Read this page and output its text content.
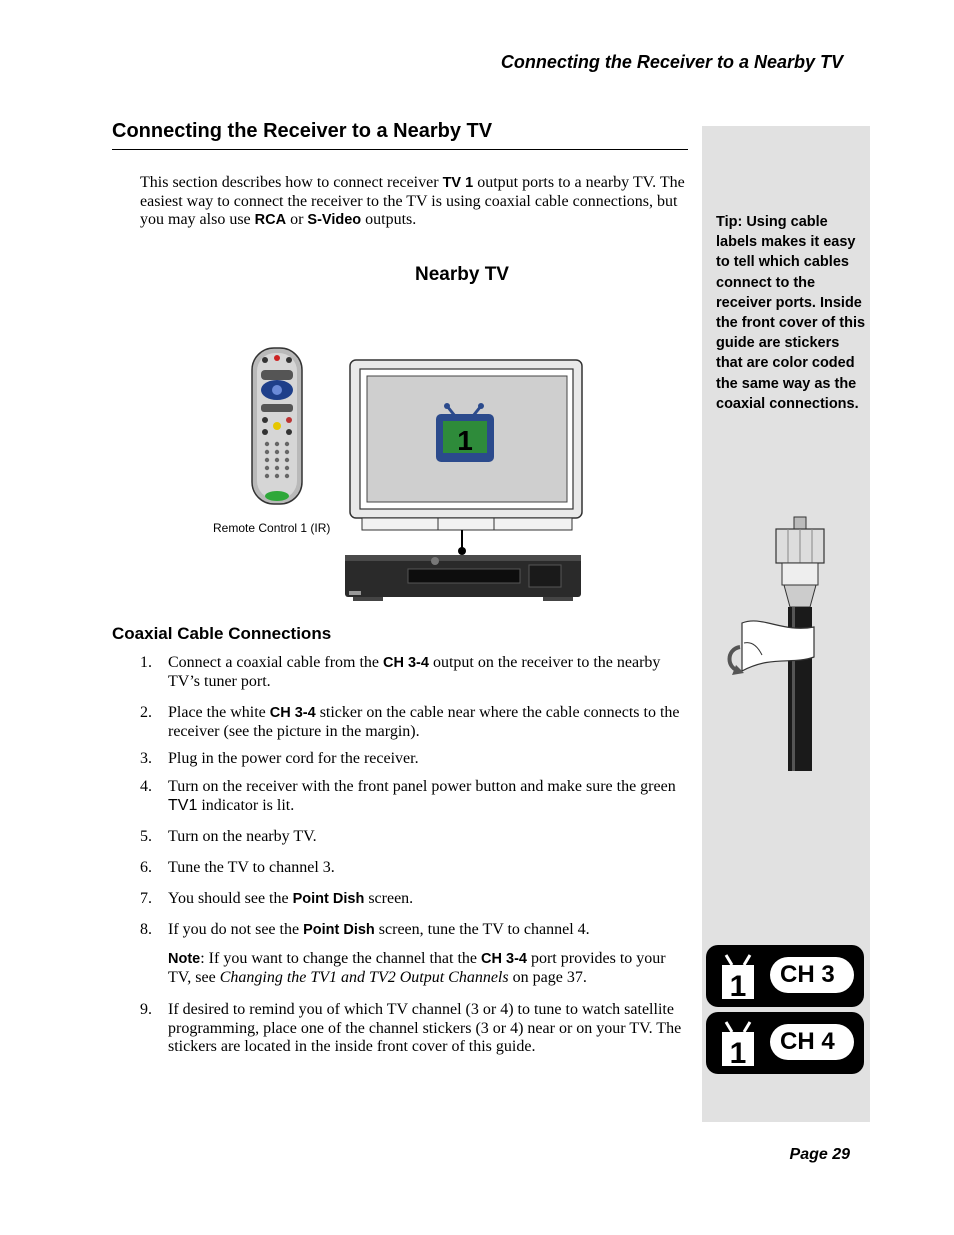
Connecting the Receiver to a Nearby TV
Connecting the Receiver to a Nearby TV
This section describes how to connect receiver TV 1 output ports to a nearby TV. The easiest way to connect the receiver to the TV is using coaxial cable connections, but you may also use RCA or S-Video outputs.
Nearby TV
1
Remote Control 1 (IR)
Coaxial Cable Connections
1.	Connect a coaxial cable from the CH 3-4 output on the receiver to the nearby TV’s tuner port.
2.	Place the white CH 3-4 sticker on the cable near where the cable connects to the receiver (see the picture in the margin).
3.	Plug in the power cord for the receiver.
4.	Turn on the receiver with the front panel power button and make sure the green TV1 indicator is lit.
5.	Turn on the nearby TV.
6.	Tune the TV to channel 3.
7.	You should see the Point Dish screen.
8.	If you do not see the Point Dish screen, tune the TV to channel 4.
9.	If desired to remind you of which TV channel (3 or 4) to tune to watch satellite programming, place one of the channel stickers (3 or 4) near or on your TV. The stickers are located in the inside front cover of this guide.
Note: If you want to change the channel that the CH 3-4 port provides to your TV, see Changing the TV1 and TV2 Output Channels on page 37.
Tip: Using cable labels makes it easy to tell which cables connect to the receiver ports. Inside the front cover of this guide are stickers that are color coded the same way as the coaxial connections.
1	CH 3
1	CH 4
Page 29
